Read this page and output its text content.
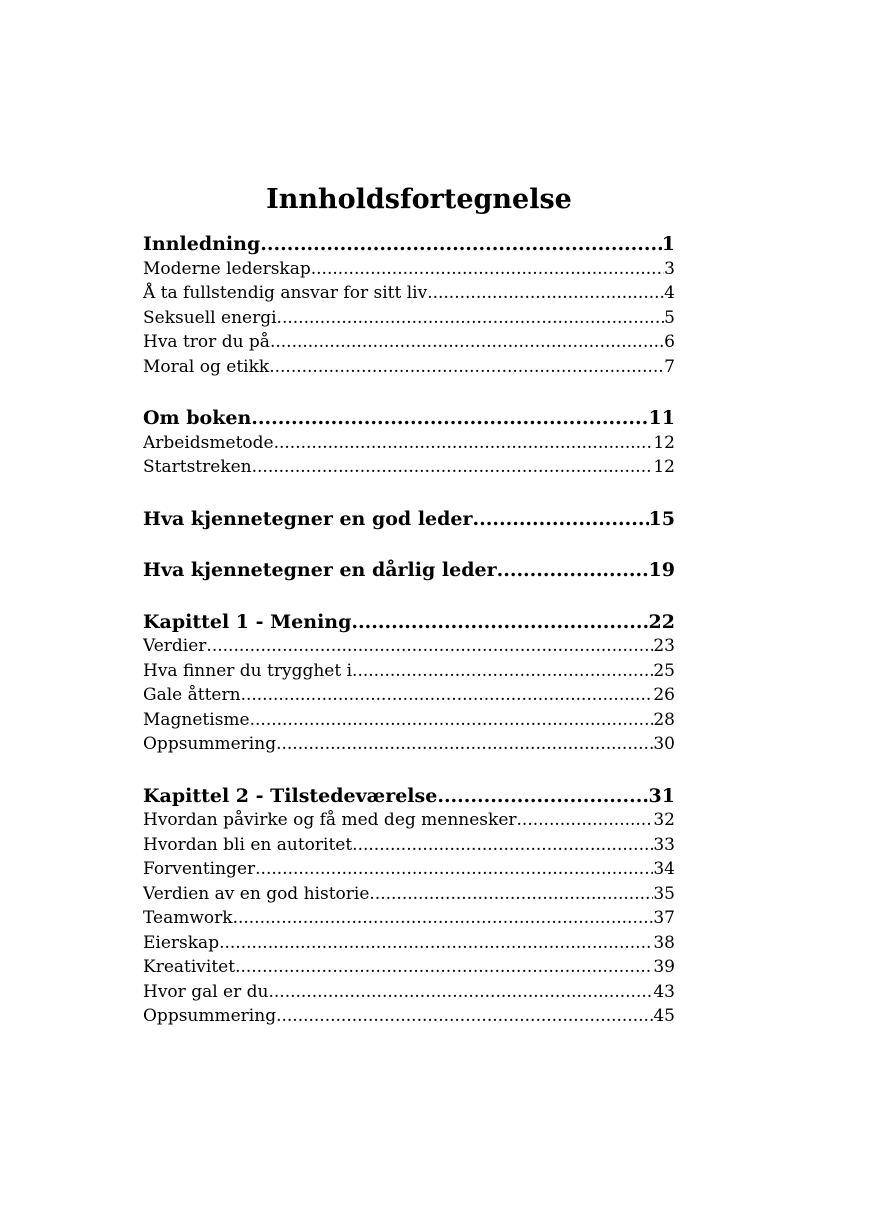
Innholdsfortegnelse
Innledning .....	1
Moderne lederskap .....	3
Å ta fullstendig ansvar for sitt liv .....	4
Seksuell energi .....	5
Hva tror du på .....	6
Moral og etikk .....	7
Om boken .....	11
Arbeidsmetode .....	12
Startstreken .....	12
Hva kjennetegner en god leder .....	15
Hva kjennetegner en dårlig leder .....	19
Kapittel 1 - Mening .....	22
Verdier .....	23
Hva finner du trygghet i .....	25
Gale åttern .....	26
Magnetisme .....	28
Oppsummering .....	30
Kapittel 2 - Tilstedeværelse .....	31
Hvordan påvirke og få med deg mennesker .....	32
Hvordan bli en autoritet .....	33
Forventinger .....	34
Verdien av en god historie .....	35
Teamwork .....	37
Eierskap .....	38
Kreativitet .....	39
Hvor gal er du .....	43
Oppsummering .....	45
